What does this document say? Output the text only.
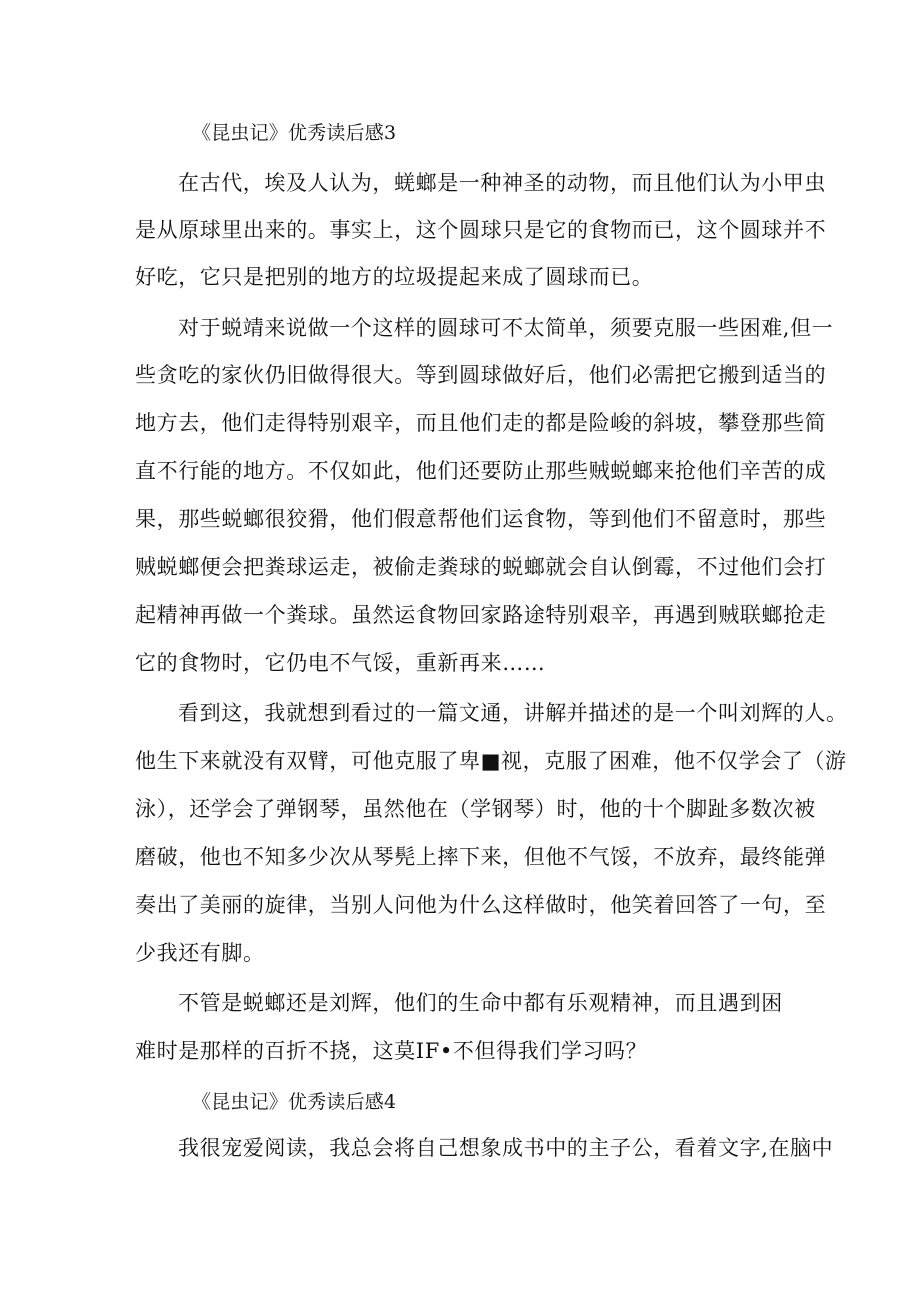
《昆虫记》优秀读后感3
在古代，埃及人认为，蜣螂是一种神圣的动物，而且他们认为小甲虫
是从原球里出来的。事实上，这个圆球只是它的食物而已，这个圆球并不
好吃，它只是把别的地方的垃圾提起来成了圆球而已。
对于蜕靖来说做一个这样的圆球可不太简单，须要克服一些困难,但一
些贪吃的家伙仍旧做得很大。等到圆球做好后，他们必需把它搬到适当的
地方去，他们走得特别艰辛，而且他们走的都是险峻的斜坡，攀登那些简
直不行能的地方。不仅如此，他们还要防止那些贼蜕螂来抢他们辛苦的成
果，那些蜕螂很狡猾，他们假意帮他们运食物，等到他们不留意时，那些
贼蜕螂便会把粪球运走，被偷走粪球的蜕螂就会自认倒霉，不过他们会打
起精神再做一个粪球。虽然运食物回家路途特别艰辛，再遇到贼联螂抢走
它的食物时，它仍电不气馁，重新再来……
看到这，我就想到看过的一篇文通，讲解并描述的是一个叫刘辉的人。
他生下来就没有双臂，可他克服了卑■视，克服了困难，他不仅学会了（游
泳），还学会了弹钢琴，虽然他在（学钢琴）时，他的十个脚趾多数次被
磨破，他也不知多少次从琴髡上摔下来，但他不气馁，不放弃，最终能弹
奏出了美丽的旋律，当别人问他为什么这样做时，他笑着回答了一句，至
少我还有脚。
不管是蜕螂还是刘辉，他们的生命中都有乐观精神，而且遇到困
难时是那样的百折不挠，这莫IF•不但得我们学习吗？
《昆虫记》优秀读后感4
我很宠爱阅读，我总会将自己想象成书中的主子公，看着文字,在脑中
